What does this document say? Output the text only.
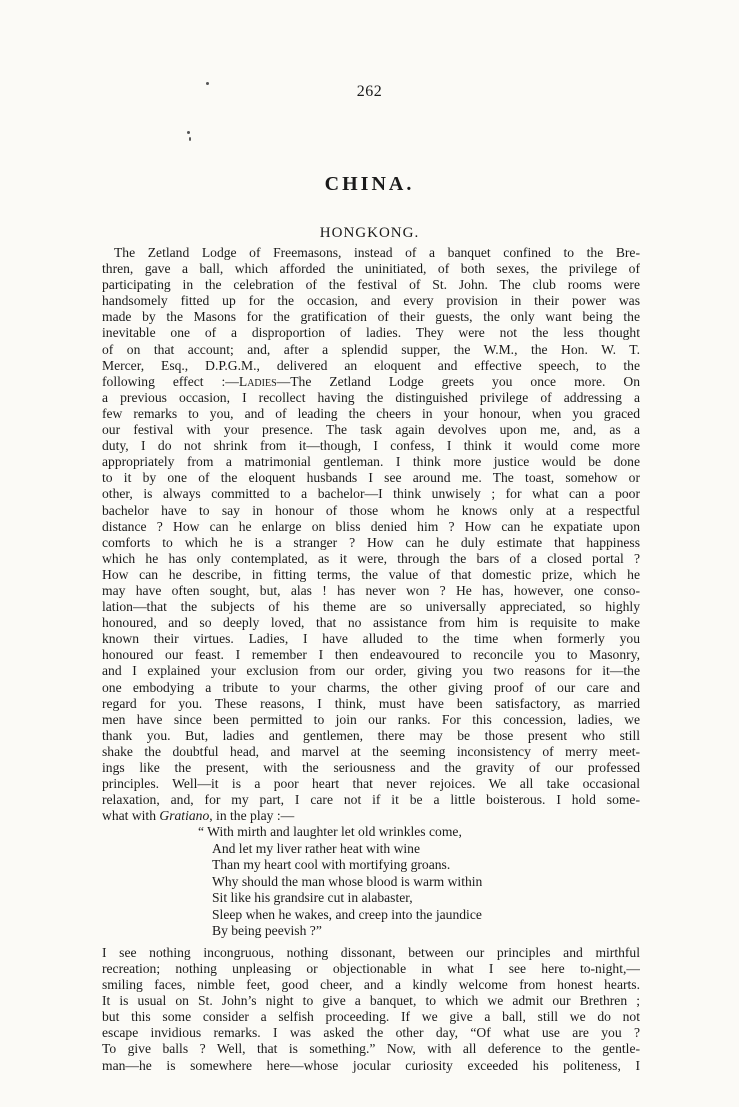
262
CHINA.
HONGKONG.
The Zetland Lodge of Freemasons, instead of a banquet confined to the Bre-
thren, gave a ball, which afforded the uninitiated, of both sexes, the privilege of
participating in the celebration of the festival of St. John. The club rooms were
handsomely fitted up for the occasion, and every provision in their power was
made by the Masons for the gratification of their guests, the only want being the
inevitable one of a disproportion of ladies. They were not the less thought
of on that account; and, after a splendid supper, the W.M., the Hon. W. T.
Mercer, Esq., D.P.G.M., delivered an eloquent and effective speech, to the
following effect :—Ladies—The Zetland Lodge greets you once more. On
a previous occasion, I recollect having the distinguished privilege of addressing a
few remarks to you, and of leading the cheers in your honour, when you graced
our festival with your presence. The task again devolves upon me, and, as a
duty, I do not shrink from it—though, I confess, I think it would come more
appropriately from a matrimonial gentleman. I think more justice would be done
to it by one of the eloquent husbands I see around me. The toast, somehow or
other, is always committed to a bachelor—I think unwisely ; for what can a poor
bachelor have to say in honour of those whom he knows only at a respectful
distance ? How can he enlarge on bliss denied him ? How can he expatiate upon
comforts to which he is a stranger ? How can he duly estimate that happiness
which he has only contemplated, as it were, through the bars of a closed portal ?
How can he describe, in fitting terms, the value of that domestic prize, which he
may have often sought, but, alas ! has never won ? He has, however, one conso-
lation—that the subjects of his theme are so universally appreciated, so highly
honoured, and so deeply loved, that no assistance from him is requisite to make
known their virtues. Ladies, I have alluded to the time when formerly you
honoured our feast. I remember I then endeavoured to reconcile you to Masonry,
and I explained your exclusion from our order, giving you two reasons for it—the
one embodying a tribute to your charms, the other giving proof of our care and
regard for you. These reasons, I think, must have been satisfactory, as married
men have since been permitted to join our ranks. For this concession, ladies, we
thank you. But, ladies and gentlemen, there may be those present who still
shake the doubtful head, and marvel at the seeming inconsistency of merry meet-
ings like the present, with the seriousness and the gravity of our professed
principles. Well—it is a poor heart that never rejoices. We all take occasional
relaxation, and, for my part, I care not if it be a little boisterous. I hold some-
what with Gratiano, in the play :—
“ With mirth and laughter let old wrinkles come,
And let my liver rather heat with wine
Than my heart cool with mortifying groans.
Why should the man whose blood is warm within
Sit like his grandsire cut in alabaster,
Sleep when he wakes, and creep into the jaundice
By being peevish ?”
I see nothing incongruous, nothing dissonant, between our principles and mirthful
recreation; nothing unpleasing or objectionable in what I see here to-night,—
smiling faces, nimble feet, good cheer, and a kindly welcome from honest hearts.
It is usual on St. John’s night to give a banquet, to which we admit our Brethren ;
but this some consider a selfish proceeding. If we give a ball, still we do not
escape invidious remarks. I was asked the other day, “Of what use are you ?
To give balls ? Well, that is something.” Now, with all deference to the gentle-
man—he is somewhere here—whose jocular curiosity exceeded his politeness, I
